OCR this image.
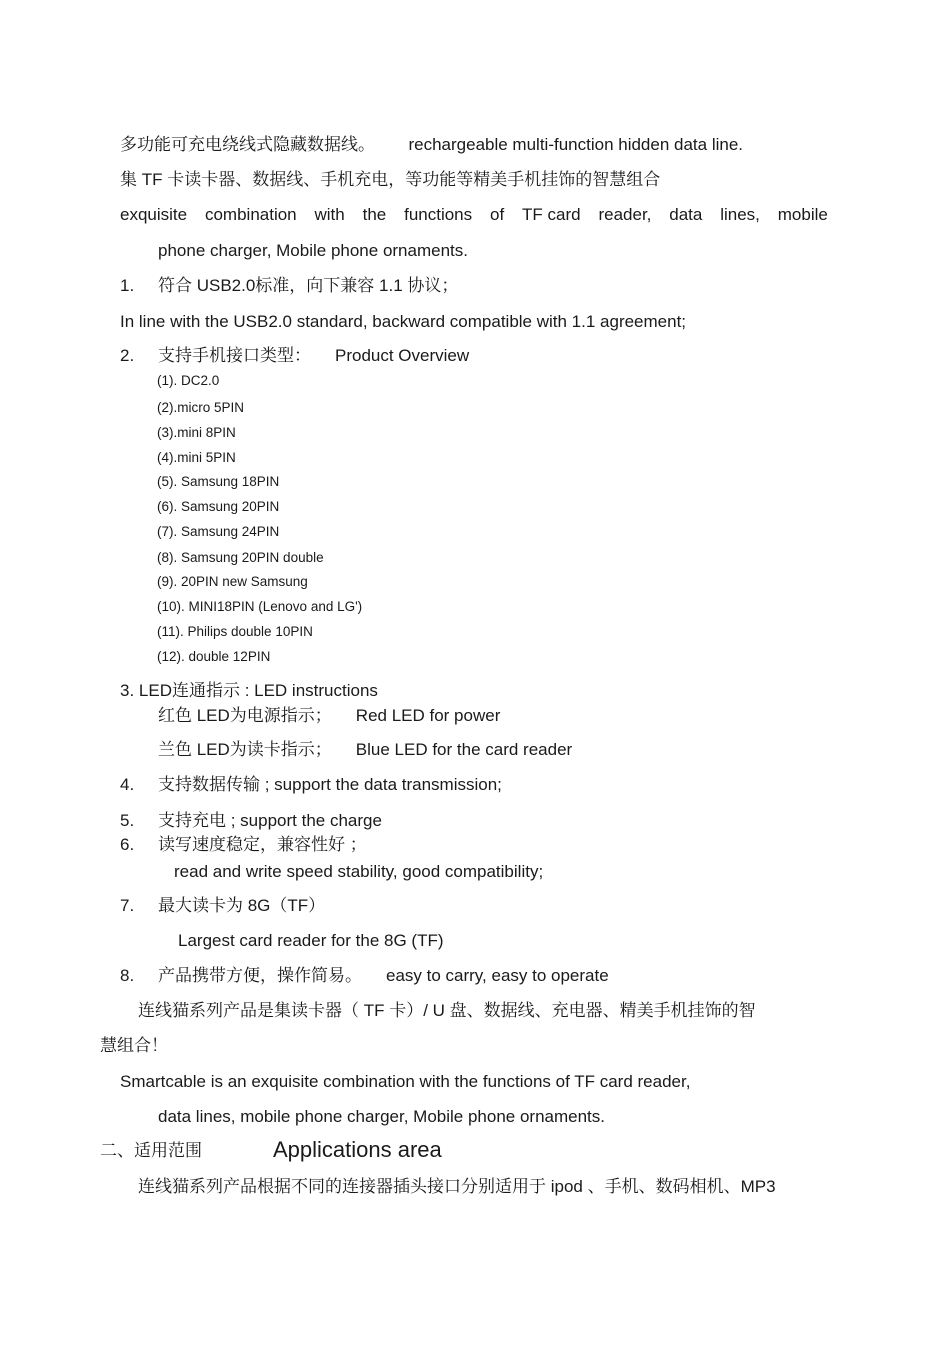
多功能可充电绕线式隐藏数据线。 rechargeable multi-function hidden data line.
集 TF 卡读卡器、数据线、手机充电，等功能等精美手机挂饰的智慧组合
exquisite combination with the functions of TF card reader, data lines, mobile
phone charger, Mobile phone ornaments.
1. 符合 USB2.0标准，向下兼容 1.1 协议；
In line with the USB2.0 standard, backward compatible with 1.1 agreement;
2. 支持手机接口类型： Product Overview
(1). DC2.0
(2).micro 5PIN
(3).mini 8PIN
(4).mini 5PIN
(5). Samsung 18PIN
(6). Samsung 20PIN
(7). Samsung 24PIN
(8). Samsung 20PIN double
(9). 20PIN new Samsung
(10). MINI18PIN (Lenovo and LG')
(11). Philips double 10PIN
(12). double 12PIN
3. LED连通指示 : LED instructions
红色 LED为电源指示； Red LED for power
兰色 LED为读卡指示； Blue LED for the card reader
4. 支持数据传输 ; support the data transmission;
5. 支持充电 ; support the charge
6. 读写速度稳定，兼容性好 ；
read and write speed stability, good compatibility;
7. 最大读卡为 8G（TF）
Largest card reader for the 8G (TF)
8. 产品携带方便，操作简易。 easy to carry, easy to operate
连线猫系列产品是集读卡器（ TF 卡）/ U 盘、数据线、充电器、精美手机挂饰的智
慧组合！
Smartcable is an exquisite combination with the functions of TF card reader,
data lines, mobile phone charger, Mobile phone ornaments.
二、适用范围	Applications area
连线猫系列产品根据不同的连接器插头接口分别适用于 ipod 、手机、数码相机、MP3
